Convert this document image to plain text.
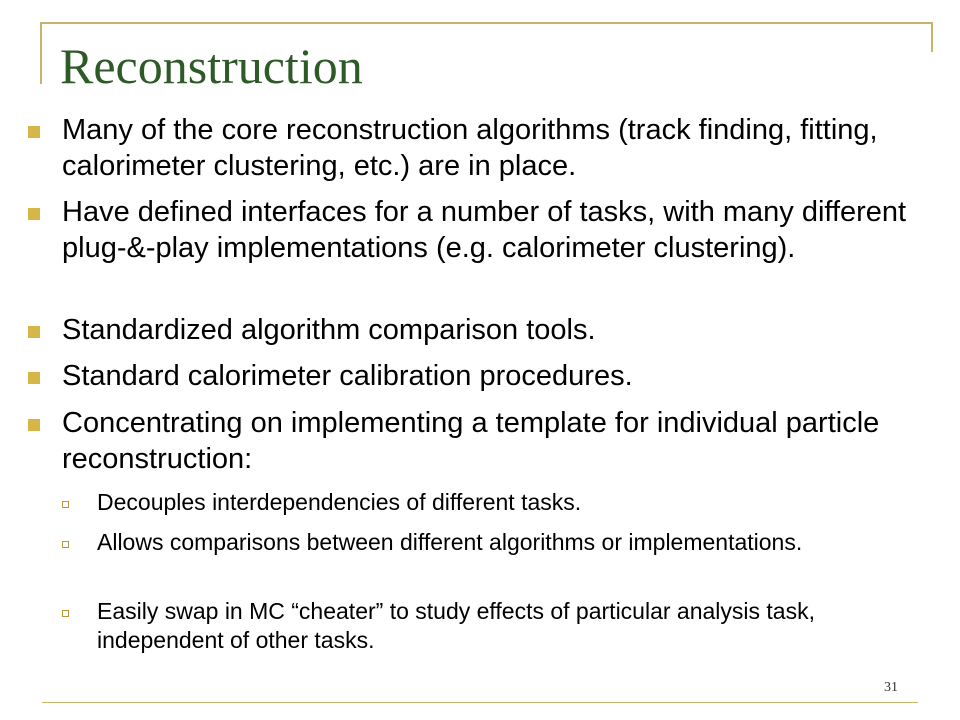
Reconstruction
Many of the core reconstruction algorithms (track finding, fitting, calorimeter clustering, etc.) are in place.
Have defined interfaces for a number of tasks, with many different plug-&-play implementations (e.g. calorimeter clustering).
Standardized algorithm comparison tools.
Standard calorimeter calibration procedures.
Concentrating on implementing a template for individual particle reconstruction:
Decouples interdependencies of different tasks.
Allows comparisons between different algorithms or implementations.
Easily swap in MC “cheater” to study effects of particular analysis task, independent of other tasks.
31
